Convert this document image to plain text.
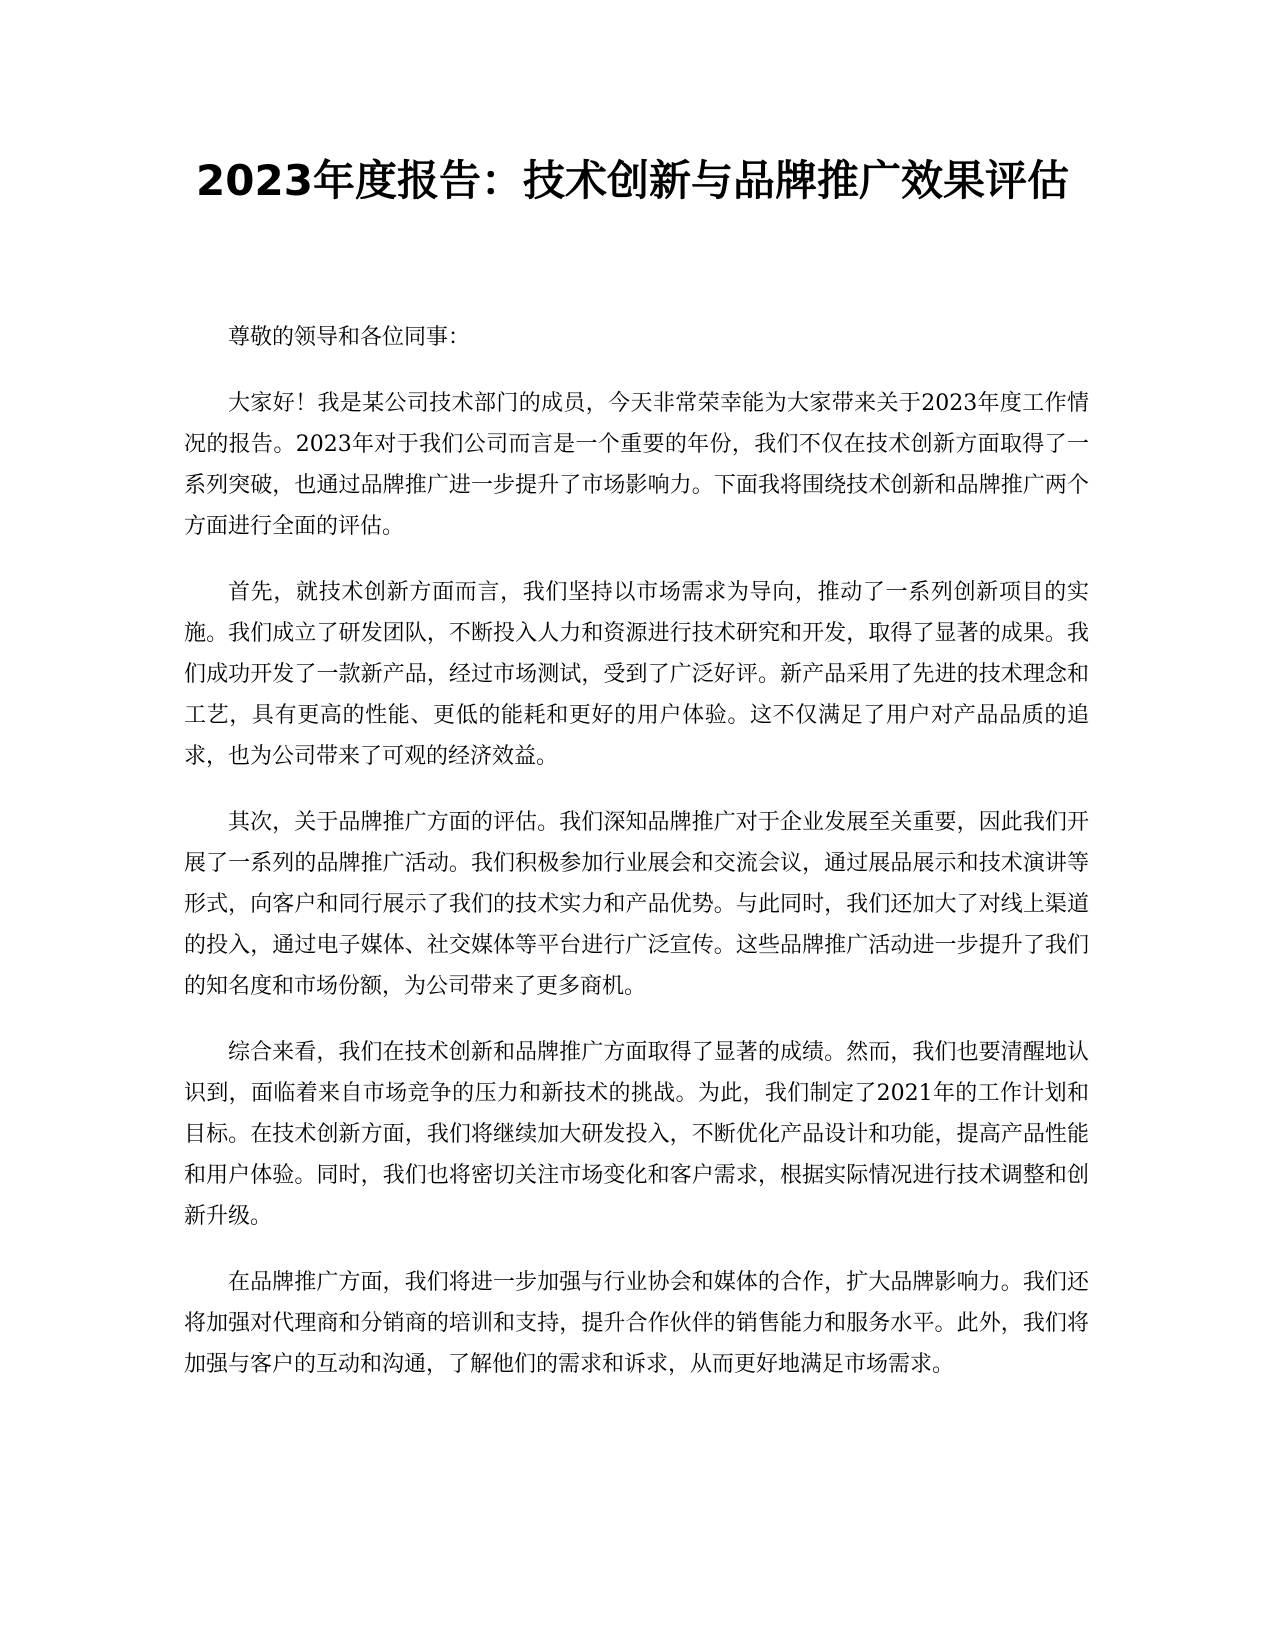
2023年度报告：技术创新与品牌推广效果评估

尊敬的领导和各位同事：

大家好！我是某公司技术部门的成员，今天非常荣幸能为大家带来关于2023年度工作情况的报告。2023年对于我们公司而言是一个重要的年份，我们不仅在技术创新方面取得了一系列突破，也通过品牌推广进一步提升了市场影响力。下面我将围绕技术创新和品牌推广两个方面进行全面的评估。

首先，就技术创新方面而言，我们坚持以市场需求为导向，推动了一系列创新项目的实施。我们成立了研发团队，不断投入人力和资源进行技术研究和开发，取得了显著的成果。我们成功开发了一款新产品，经过市场测试，受到了广泛好评。新产品采用了先进的技术理念和工艺，具有更高的性能、更低的能耗和更好的用户体验。这不仅满足了用户对产品品质的追求，也为公司带来了可观的经济效益。

其次，关于品牌推广方面的评估。我们深知品牌推广对于企业发展至关重要，因此我们开展了一系列的品牌推广活动。我们积极参加行业展会和交流会议，通过展品展示和技术演讲等形式，向客户和同行展示了我们的技术实力和产品优势。与此同时，我们还加大了对线上渠道的投入，通过电子媒体、社交媒体等平台进行广泛宣传。这些品牌推广活动进一步提升了我们的知名度和市场份额，为公司带来了更多商机。

综合来看，我们在技术创新和品牌推广方面取得了显著的成绩。然而，我们也要清醒地认识到，面临着来自市场竞争的压力和新技术的挑战。为此，我们制定了2021年的工作计划和目标。在技术创新方面，我们将继续加大研发投入，不断优化产品设计和功能，提高产品性能和用户体验。同时，我们也将密切关注市场变化和客户需求，根据实际情况进行技术调整和创新升级。

在品牌推广方面，我们将进一步加强与行业协会和媒体的合作，扩大品牌影响力。我们还将加强对代理商和分销商的培训和支持，提升合作伙伴的销售能力和服务水平。此外，我们将加强与客户的互动和沟通，了解他们的需求和诉求，从而更好地满足市场需求。
